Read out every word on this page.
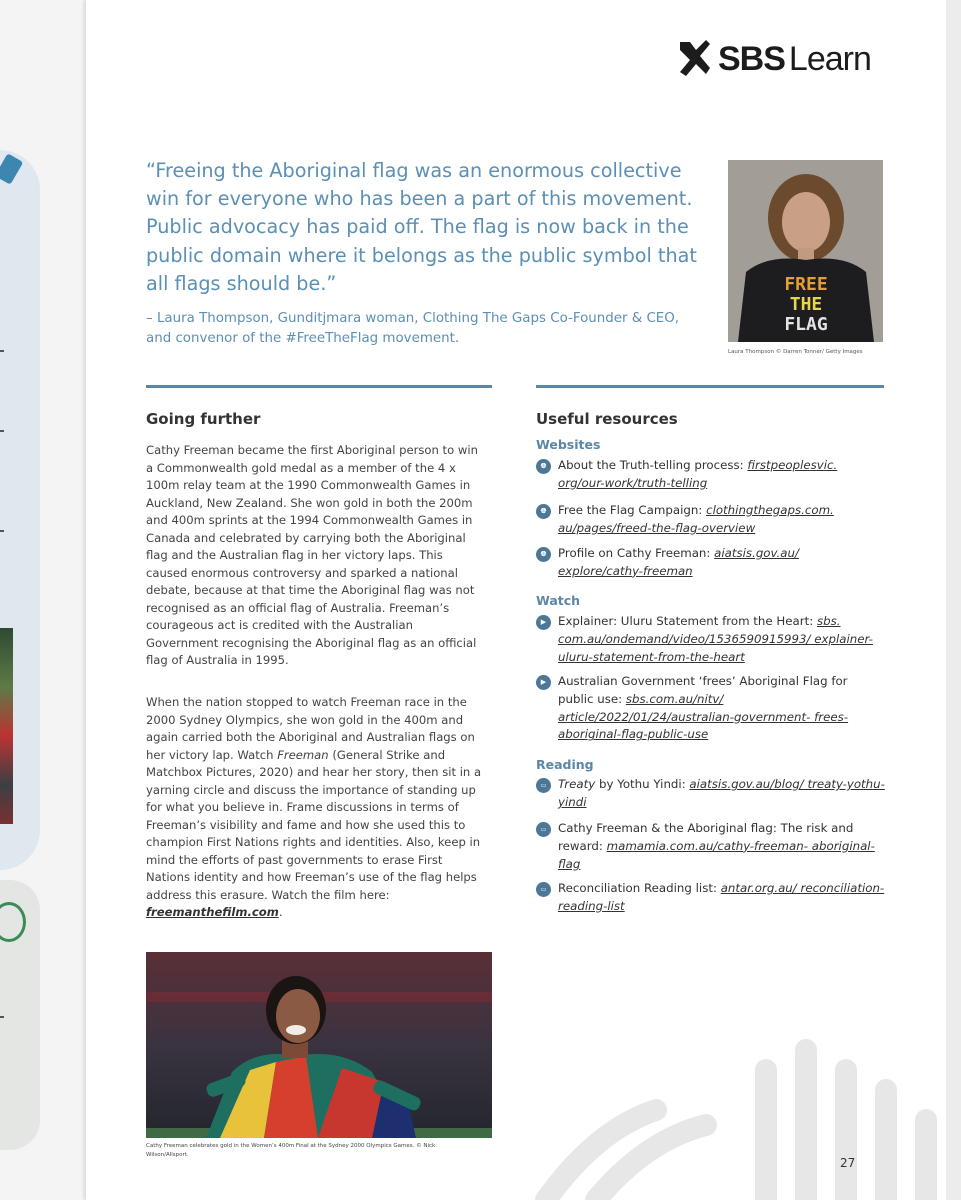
SBS Learn

“Freeing the Aboriginal flag was an enormous collective win for everyone who has been a part of this movement. Public advocacy has paid off. The flag is now back in the public domain where it belongs as the public symbol that all flags should be.”

– Laura Thompson, Gunditjmara woman, Clothing The Gaps Co-Founder & CEO, and convenor of the #FreeTheFlag movement.

FREE
THE
FLAG
Laura Thompson © Darren Tonner/ Getty Images
Going further

Cathy Freeman became the first Aboriginal person to win a Commonwealth gold medal as a member of the 4 x 100m relay team at the 1990 Commonwealth Games in Auckland, New Zealand. She won gold in both the 200m and 400m sprints at the 1994 Commonwealth Games in Canada and celebrated by carrying both the Aboriginal flag and the Australian flag in her victory laps. This caused enormous controversy and sparked a national debate, because at that time the Aboriginal flag was not recognised as an official flag of Australia. Freeman’s courageous act is credited with the Australian Government recognising the Aboriginal flag as an official flag of Australia in 1995.

When the nation stopped to watch Freeman race in the 2000 Sydney Olympics, she won gold in the 400m and again carried both the Aboriginal and Australian flags on her victory lap. Watch Freeman (General Strike and Matchbox Pictures, 2020) and hear her story, then sit in a yarning circle and discuss the importance of standing up for what you believe in. Frame discussions in terms of Freeman’s visibility and fame and how she used this to champion First Nations rights and identities. Also, keep in mind the efforts of past governments to erase First Nations identity and how Freeman’s use of the flag helps address this erasure. Watch the film here: freemanthefilm.com.

Cathy Freeman celebrates gold in the Women’s 400m Final at the Sydney 2000 Olympics Games. © Nick Wilson/Allsport.
Useful resources

Websites

🌐︎ About the Truth-telling process: firstpeoplesvic. org/our-work/truth-telling

🌐︎ Free the Flag Campaign: clothingthegaps.com. au/pages/freed-the-flag-overview

🌐︎ Profile on Cathy Freeman: aiatsis.gov.au/ explore/cathy-freeman

Watch

▶	Explainer: Uluru Statement from the Heart: sbs. com.au/ondemand/video/1536590915993/ explainer-uluru-statement-from-the-heart

▶	Australian Government ‘frees’ Aboriginal Flag for public use: sbs.com.au/nitv/ article/2022/01/24/australian-government- frees-aboriginal-flag-public-use

Reading

▭ Treaty by Yothu Yindi: aiatsis.gov.au/blog/ treaty-yothu-yindi

▭ Cathy Freeman & the Aboriginal flag: The risk and reward: mamamia.com.au/cathy-freeman- aboriginal-flag

▭ Reconciliation Reading list: antar.org.au/ reconciliation-reading-list

27
